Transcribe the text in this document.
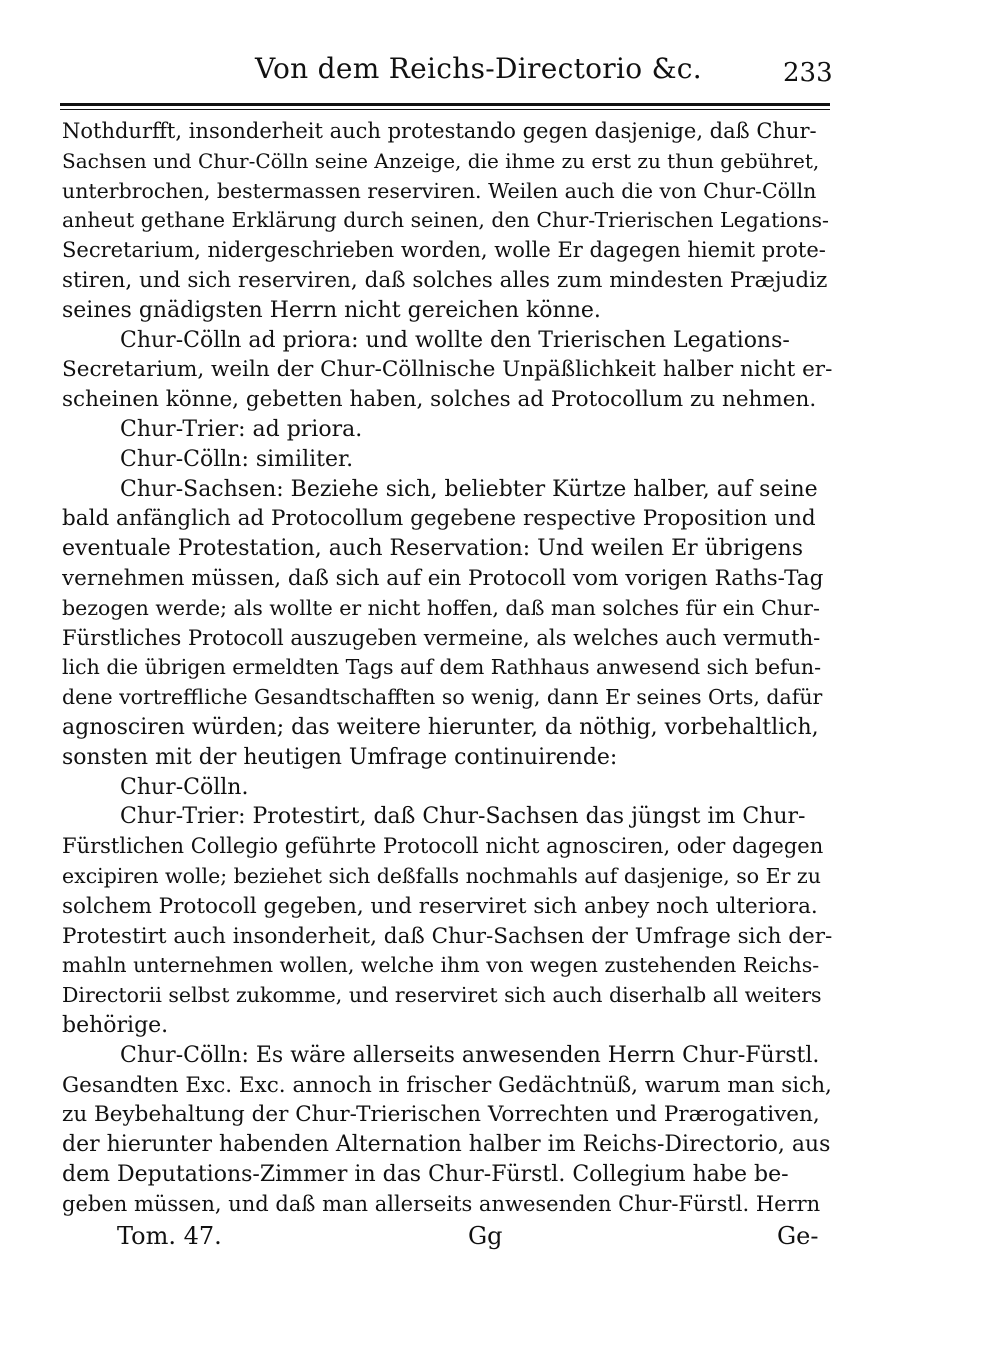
Von dem Reichs-Directorio &c.	233
Nothdurfft, insonderheit auch protestando gegen dasjenige, daß Chur-
Sachsen und Chur-Cölln seine Anzeige, die ihme zu erst zu thun gebühret,
unterbrochen, bestermassen reserviren. Weilen auch die von Chur-Cölln
anheut gethane Erklärung durch seinen, den Chur-Trierischen Legations-
Secretarium, nidergeschrieben worden, wolle Er dagegen hiemit prote-
stiren, und sich reserviren, daß solches alles zum mindesten Præjudiz
seines gnädigsten Herrn nicht gereichen könne.
Chur-Cölln ad priora: und wollte den Trierischen Legations-
Secretarium, weiln der Chur-Cöllnische Unpäßlichkeit halber nicht er-
scheinen könne, gebetten haben, solches ad Protocollum zu nehmen.
Chur-Trier: ad priora.
Chur-Cölln: similiter.
Chur-Sachsen: Beziehe sich, beliebter Kürtze halber, auf seine
bald anfänglich ad Protocollum gegebene respective Proposition und
eventuale Protestation, auch Reservation: Und weilen Er übrigens
vernehmen müssen, daß sich auf ein Protocoll vom vorigen Raths-Tag
bezogen werde; als wollte er nicht hoffen, daß man solches für ein Chur-
Fürstliches Protocoll auszugeben vermeine, als welches auch vermuth-
lich die übrigen ermeldten Tags auf dem Rathhaus anwesend sich befun-
dene vortreffliche Gesandtschafften so wenig, dann Er seines Orts, dafür
agnosciren würden; das weitere hierunter, da nöthig, vorbehaltlich,
sonsten mit der heutigen Umfrage continuirende:
Chur-Cölln.
Chur-Trier: Protestirt, daß Chur-Sachsen das jüngst im Chur-
Fürstlichen Collegio geführte Protocoll nicht agnosciren, oder dagegen
excipiren wolle; beziehet sich deßfalls nochmahls auf dasjenige, so Er zu
solchem Protocoll gegeben, und reserviret sich anbey noch ulteriora.
Protestirt auch insonderheit, daß Chur-Sachsen der Umfrage sich der-
mahln unternehmen wollen, welche ihm von wegen zustehenden Reichs-
Directorii selbst zukomme, und reserviret sich auch diserhalb all weiters
behörige.
Chur-Cölln: Es wäre allerseits anwesenden Herrn Chur-Fürstl.
Gesandten Exc. Exc. annoch in frischer Gedächtnüß, warum man sich,
zu Beybehaltung der Chur-Trierischen Vorrechten und Prærogativen,
der hierunter habenden Alternation halber im Reichs-Directorio, aus
dem Deputations-Zimmer in das Chur-Fürstl. Collegium habe be-
geben müssen, und daß man allerseits anwesenden Chur-Fürstl. Herrn
Tom. 47.	Gg	Ge-
